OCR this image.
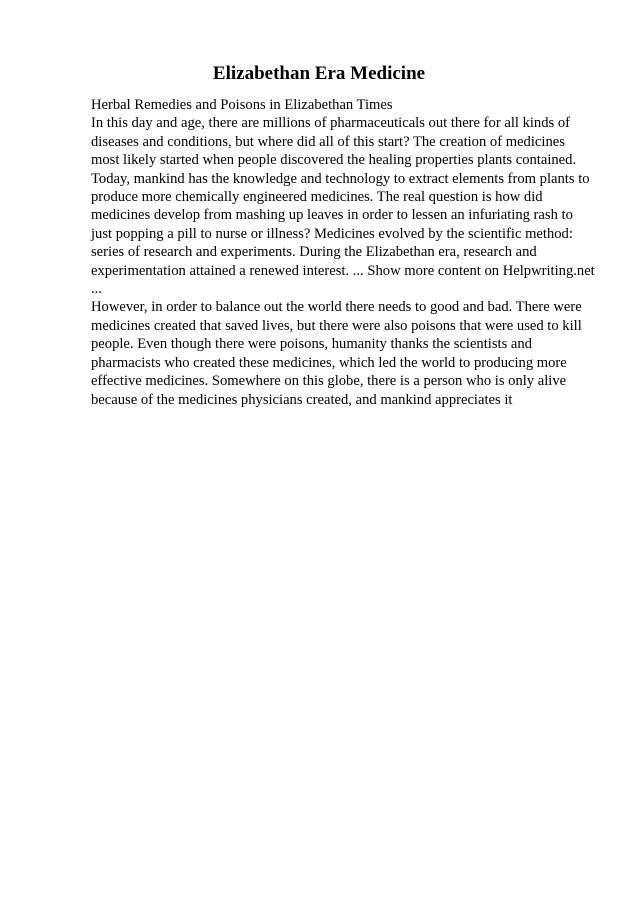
Elizabethan Era Medicine
Herbal Remedies and Poisons in Elizabethan Times
In this day and age, there are millions of pharmaceuticals out there for all kinds of
diseases and conditions, but where did all of this start? The creation of medicines
most likely started when people discovered the healing properties plants contained.
Today, mankind has the knowledge and technology to extract elements from plants to
produce more chemically engineered medicines. The real question is how did
medicines develop from mashing up leaves in order to lessen an infuriating rash to
just popping a pill to nurse or illness? Medicines evolved by the scientific method:
series of research and experiments. During the Elizabethan era, research and
experimentation attained a renewed interest. ... Show more content on Helpwriting.net
...
However, in order to balance out the world there needs to good and bad. There were
medicines created that saved lives, but there were also poisons that were used to kill
people. Even though there were poisons, humanity thanks the scientists and
pharmacists who created these medicines, which led the world to producing more
effective medicines. Somewhere on this globe, there is a person who is only alive
because of the medicines physicians created, and mankind appreciates it
